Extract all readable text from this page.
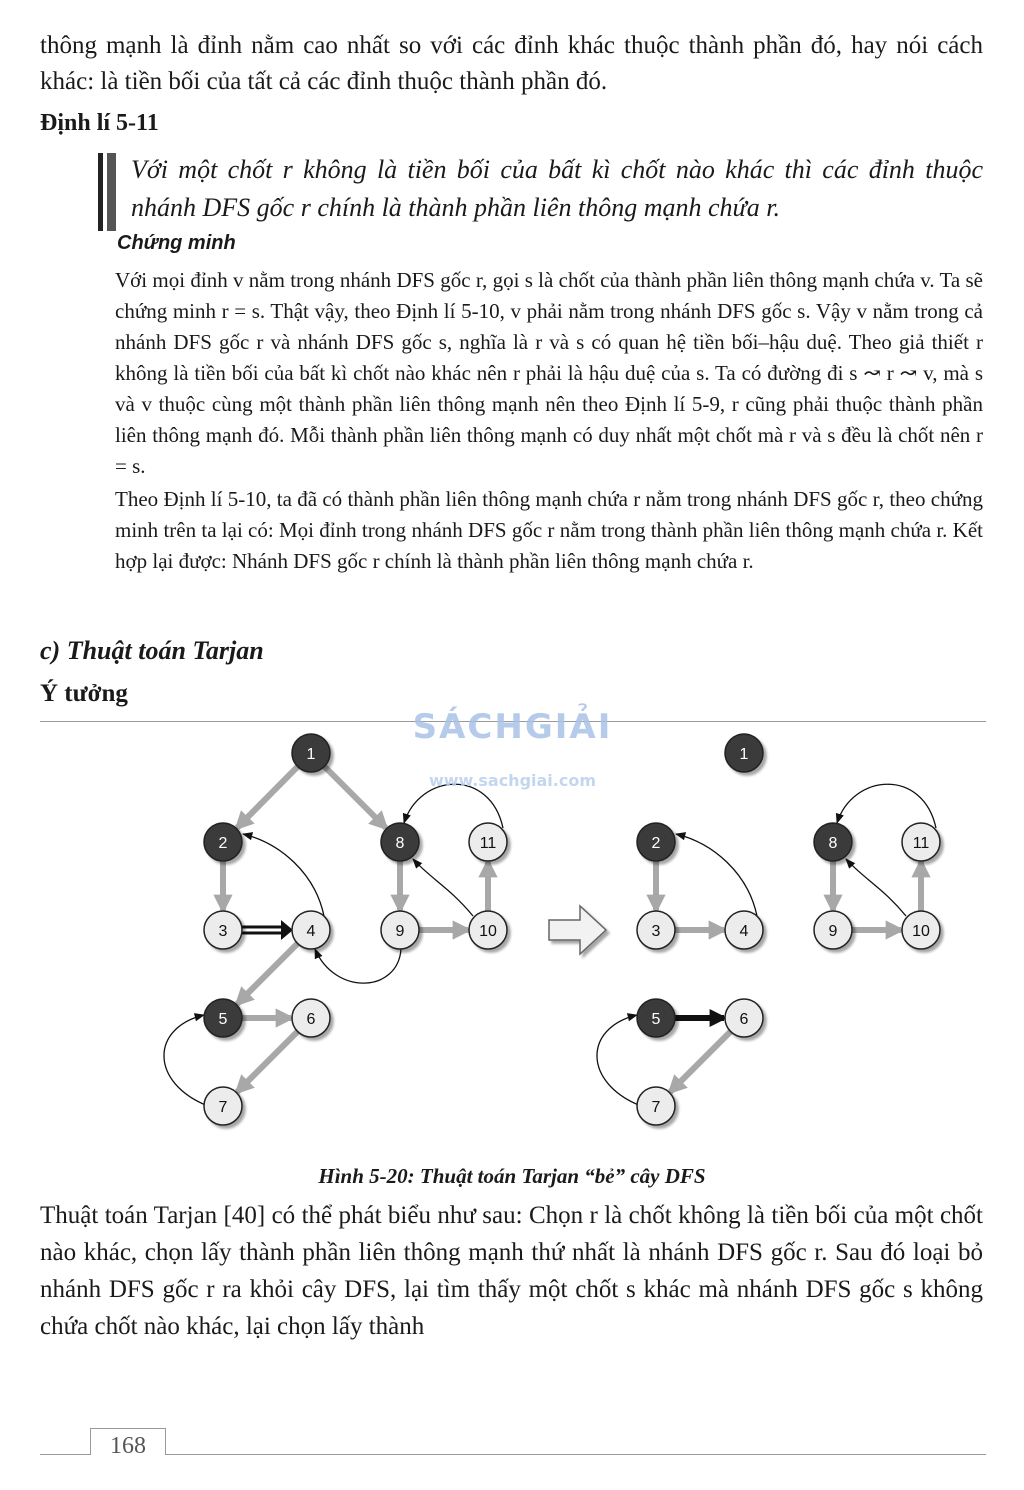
thông mạnh là đỉnh nằm cao nhất so với các đỉnh khác thuộc thành phần đó, hay nói cách khác: là tiền bối của tất cả các đỉnh thuộc thành phần đó.

Định lí 5-11

Với một chốt r không là tiền bối của bất kì chốt nào khác thì các đỉnh thuộc nhánh DFS gốc r chính là thành phần liên thông mạnh chứa r.

Chứng minh

Với mọi đỉnh v nằm trong nhánh DFS gốc r, gọi s là chốt của thành phần liên thông mạnh chứa v. Ta sẽ chứng minh r = s. Thật vậy, theo Định lí 5-10, v phải nằm trong nhánh DFS gốc s. Vậy v nằm trong cả nhánh DFS gốc r và nhánh DFS gốc s, nghĩa là r và s có quan hệ tiền bối–hậu duệ. Theo giả thiết r không là tiền bối của bất kì chốt nào khác nên r phải là hậu duệ của s. Ta có đường đi s ↝ r ↝ v, mà s và v thuộc cùng một thành phần liên thông mạnh nên theo Định lí 5-9, r cũng phải thuộc thành phần liên thông mạnh đó. Mỗi thành phần liên thông mạnh có duy nhất một chốt mà r và s đều là chốt nên r = s.

Theo Định lí 5-10, ta đã có thành phần liên thông mạnh chứa r nằm trong nhánh DFS gốc r, theo chứng minh trên ta lại có: Mọi đỉnh trong nhánh DFS gốc r nằm trong thành phần liên thông mạnh chứa r. Kết hợp lại được: Nhánh DFS gốc r chính là thành phần liên thông mạnh chứa r.

c) Thuật toán Tarjan

Ý tưởng

1
2
3	4
5	6
7
8
9	10
11
1
2
3	4
5	6
7
8
9	10
11

SÁCHGIẢI

www.sachgiai.com

Hình 5-20: Thuật toán Tarjan “bẻ” cây DFS

Thuật toán Tarjan [40] có thể phát biểu như sau: Chọn r là chốt không là tiền bối của một chốt nào khác, chọn lấy thành phần liên thông mạnh thứ nhất là nhánh DFS gốc r. Sau đó loại bỏ nhánh DFS gốc r ra khỏi cây DFS, lại tìm thấy một chốt s khác mà nhánh DFS gốc s không chứa chốt nào khác, lại chọn lấy thành

168
